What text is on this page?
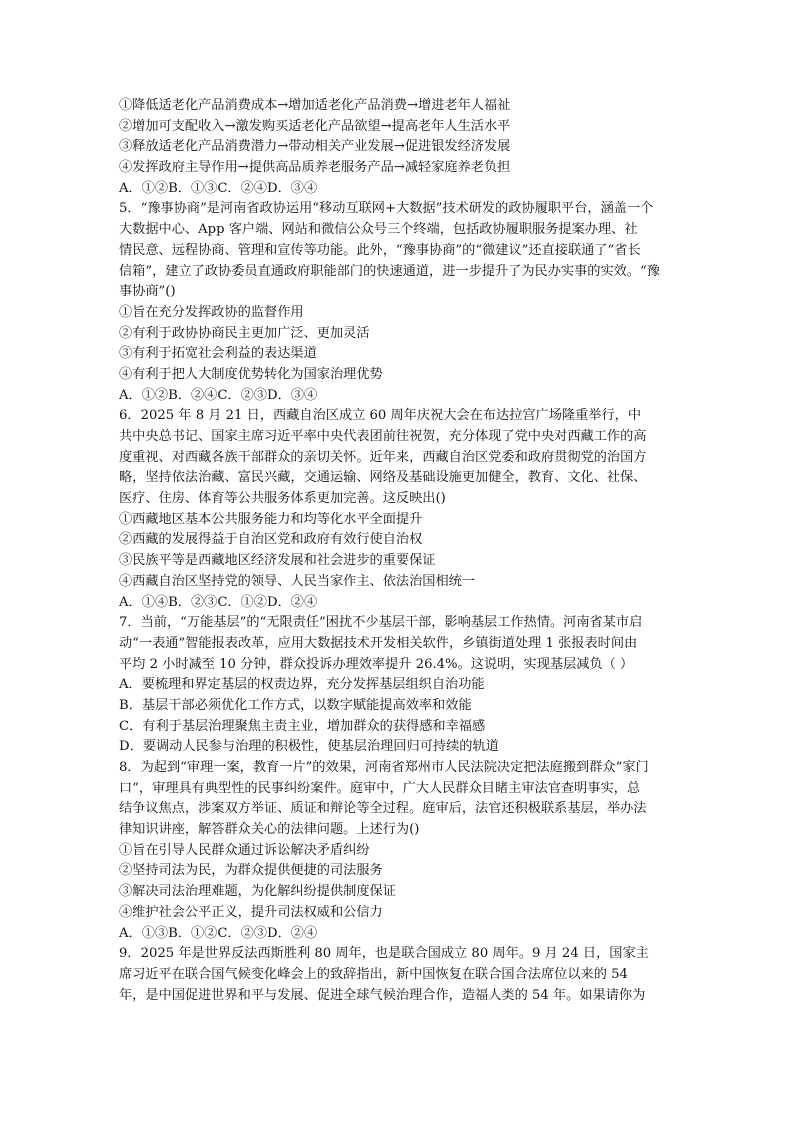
①降低适老化产品消费成本→增加适老化产品消费→增进老年人福祉
②增加可支配收入→激发购买适老化产品欲望→提高老年人生活水平
③释放适老化产品消费潜力→带动相关产业发展→促进银发经济发展
④发挥政府主导作用→提供高品质养老服务产品→减轻家庭养老负担
A．①②B．①③C．②④D．③④
5．“豫事协商”是河南省政协运用“移动互联网+大数据”技术研发的政协履职平台，涵盖一个
大数据中心、App 客户端、网站和微信公众号三个终端，包括政协履职服务提案办理、社
情民意、远程协商、管理和宣传等功能。此外，“豫事协商”的“微建议”还直接联通了“省长
信箱”，建立了政协委员直通政府职能部门的快速通道，进一步提升了为民办实事的实效。“豫
事协商”()
①旨在充分发挥政协的监督作用
②有利于政协协商民主更加广泛、更加灵活
③有利于拓宽社会利益的表达渠道
④有利于把人大制度优势转化为国家治理优势
A．①②B．②④C．②③D．③④
6．2025 年 8 月 21 日，西藏自治区成立 60 周年庆祝大会在布达拉宫广场隆重举行，中
共中央总书记、国家主席习近平率中央代表团前往祝贺，充分体现了党中央对西藏工作的高
度重视、对西藏各族干部群众的亲切关怀。近年来，西藏自治区党委和政府贯彻党的治国方
略，坚持依法治藏、富民兴藏，交通运输、网络及基础设施更加健全，教育、文化、社保、
医疗、住房、体育等公共服务体系更加完善。这反映出()
①西藏地区基本公共服务能力和均等化水平全面提升
②西藏的发展得益于自治区党和政府有效行使自治权
③民族平等是西藏地区经济发展和社会进步的重要保证
④西藏自治区坚持党的领导、人民当家作主、依法治国相统一
A．①④B．②③C．①②D．②④
7．当前，“万能基层”的“无限责任”困扰不少基层干部，影响基层工作热情。河南省某市启
动“一表通”智能报表改革，应用大数据技术开发相关软件，乡镇街道处理 1 张报表时间由
平均 2 小时减至 10 分钟，群众投诉办理效率提升 26.4%。这说明，实现基层减负（ ）
A．要梳理和界定基层的权责边界，充分发挥基层组织自治功能
B．基层干部必须优化工作方式，以数字赋能提高效率和效能
C．有利于基层治理聚焦主责主业，增加群众的获得感和幸福感
D．要调动人民参与治理的积极性，使基层治理回归可持续的轨道
8．为起到“审理一案，教育一片”的效果，河南省郑州市人民法院决定把法庭搬到群众“家门
口”，审理具有典型性的民事纠纷案件。庭审中，广大人民群众目睹主审法官查明事实，总
结争议焦点，涉案双方举证、质证和辩论等全过程。庭审后，法官还积极联系基层，举办法
律知识讲座，解答群众关心的法律问题。上述行为()
①旨在引导人民群众通过诉讼解决矛盾纠纷
②坚持司法为民，为群众提供便捷的司法服务
③解决司法治理难题，为化解纠纷提供制度保证
④维护社会公平正义，提升司法权威和公信力
A．①③B．①②C．②③D．②④
9．2025 年是世界反法西斯胜利 80 周年，也是联合国成立 80 周年。9 月 24 日，国家主
席习近平在联合国气候变化峰会上的致辞指出，新中国恢复在联合国合法席位以来的 54
年，是中国促进世界和平与发展、促进全球气候治理合作，造福人类的 54 年。如果请你为
